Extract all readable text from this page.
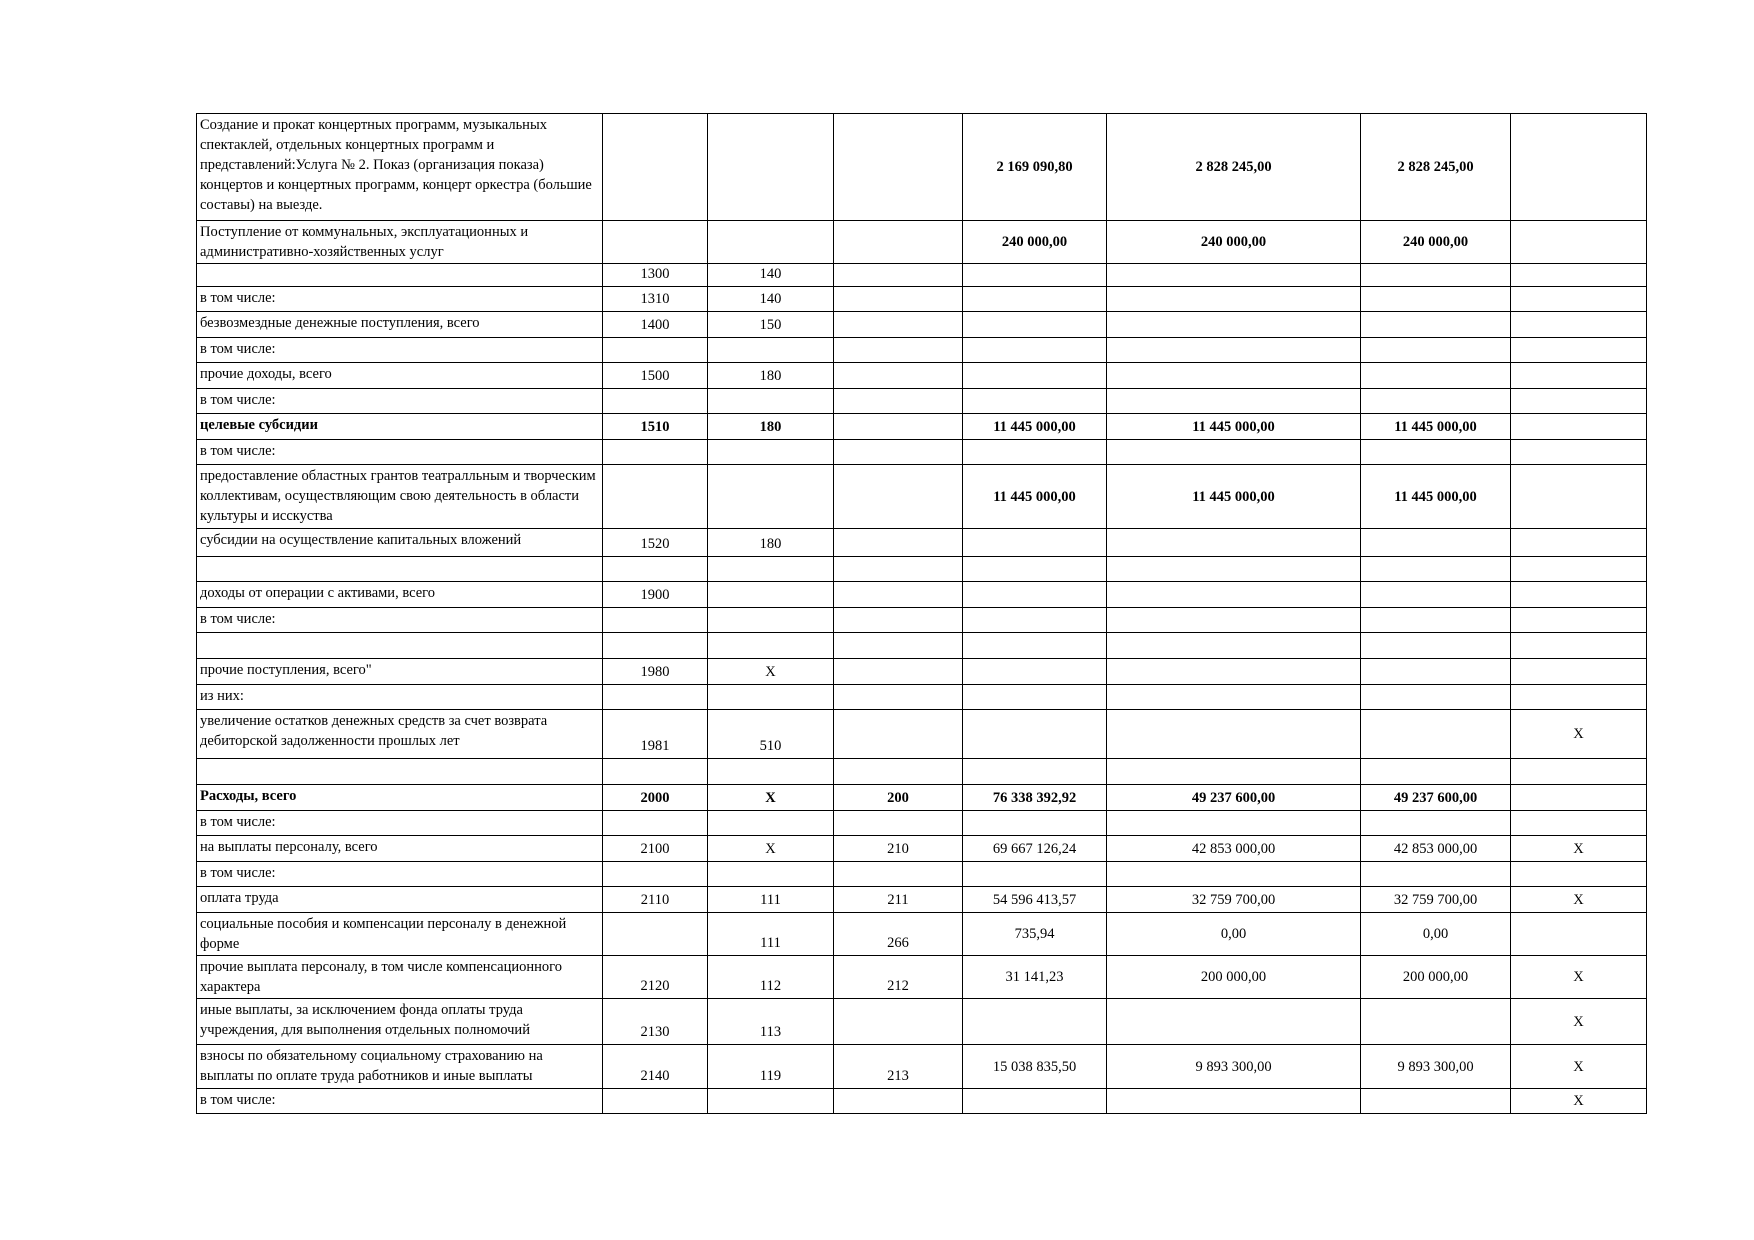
Создание и прокат концертных программ, музыкальных спектаклей, отдельных концертных программ и представлений:Услуга № 2. Показ (организация показа) концертов и концертных программ, концерт оркестра (большие составы) на выезде.				2 169 090,80	2 828 245,00	2 828 245,00	
Поступление от коммунальных, эксплуатационных и административно-хозяйственных услуг				240 000,00	240 000,00	240 000,00	
	1300	140					
в том числе:	1310	140					
безвозмездные денежные поступления, всего	1400	150					
в том числе:							
прочие доходы, всего	1500	180					
в том числе:							
целевые субсидии	1510	180		11 445 000,00	11 445 000,00	11 445 000,00	
в том числе:							
предоставление областных грантов театралльным и творческим коллективам, осуществляющим свою деятельность в области культуры и исскуства				11 445 000,00	11 445 000,00	11 445 000,00	
субсидии на осуществление капитальных вложений	1520	180					

доходы от операции с активами, всего	1900						
в том числе:							

прочие поступления, всего"	1980	X					
из них:							
увеличение остатков денежных средств за счет возврата дебиторской задолженности прошлых лет	1981	510					X

Расходы, всего	2000	X	200	76 338 392,92	49 237 600,00	49 237 600,00	
в том числе:							
на выплаты персоналу, всего	2100	X	210	69 667 126,24	42 853 000,00	42 853 000,00	X
в том числе:							
оплата труда	2110	111	211	54 596 413,57	32 759 700,00	32 759 700,00	X
социальные пособия и компенсации персоналу в денежной форме		111	266	735,94	0,00	0,00	
прочие выплата персоналу, в том числе компенсационного характера	2120	112	212	31 141,23	200 000,00	200 000,00	X
иные выплаты, за исключением фонда оплаты труда учреждения, для выполнения отдельных полномочий	2130	113					X
взносы по обязательному социальному страхованию на выплаты по оплате труда работников и иные выплаты	2140	119	213	15 038 835,50	9 893 300,00	9 893 300,00	X
в том числе:							X
